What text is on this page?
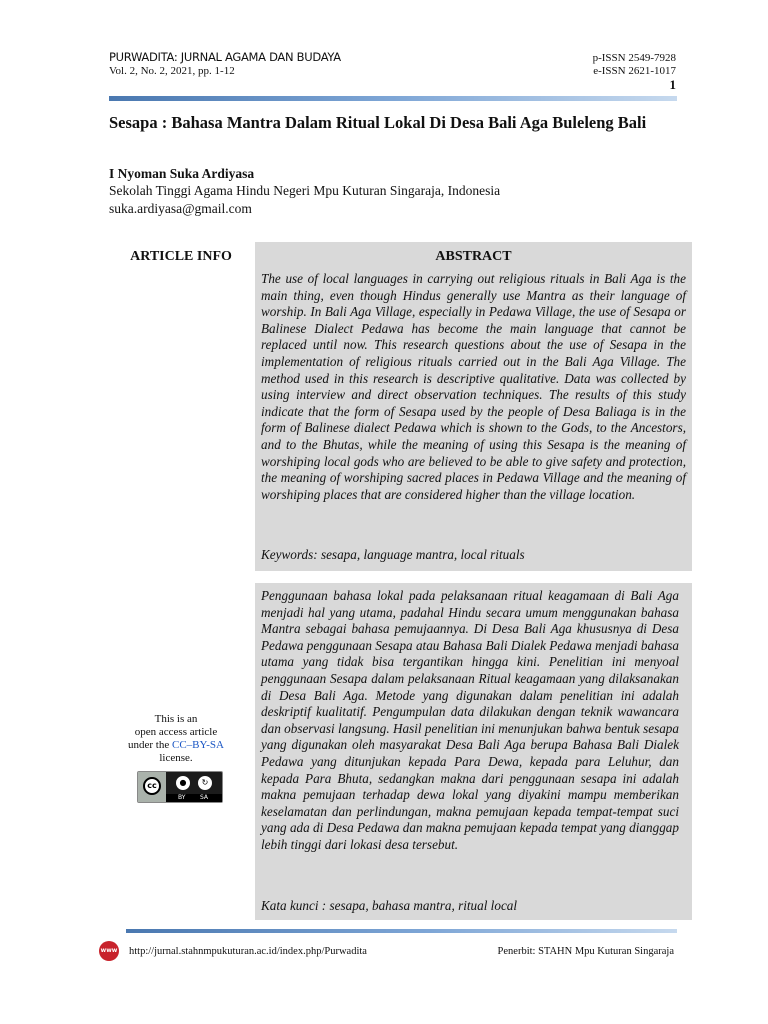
PURWADITA: JURNAL AGAMA DAN BUDAYA
Vol. 2, No. 2, 2021, pp. 1-12
p-ISSN 2549-7928
e-ISSN 2621-1017
1
Sesapa : Bahasa Mantra Dalam Ritual Lokal Di Desa Bali Aga Buleleng Bali
I Nyoman Suka Ardiyasa
Sekolah Tinggi Agama Hindu Negeri Mpu Kuturan Singaraja, Indonesia
suka.ardiyasa@gmail.com
ARTICLE INFO	ABSTRACT
The use of local languages in carrying out religious rituals in Bali Aga is the main thing, even though Hindus generally use Mantra as their language of worship. In Bali Aga Village, especially in Pedawa Village, the use of Sesapa or Balinese Dialect Pedawa has become the main language that cannot be replaced until now. This research questions about the use of Sesapa in the implementation of religious rituals carried out in the Bali Aga Village. The method used in this research is descriptive qualitative. Data was collected by using interview and direct observation techniques. The results of this study indicate that the form of Sesapa used by the people of Desa Baliaga is in the form of Balinese dialect Pedawa which is shown to the Gods, to the Ancestors, and to the Bhutas, while the meaning of using this Sesapa is the meaning of worshiping local gods who are believed to be able to give safety and protection, the meaning of worshiping sacred places in Pedawa Village and the meaning of worshiping places that are considered higher than the village location.
Keywords: sesapa, language mantra, local rituals
Penggunaan bahasa lokal pada pelaksanaan ritual keagamaan di Bali Aga menjadi hal yang utama, padahal Hindu secara umum menggunakan bahasa Mantra sebagai bahasa pemujaannya. Di Desa Bali Aga khususnya di Desa Pedawa penggunaan Sesapa atau Bahasa Bali Dialek Pedawa menjadi bahasa utama yang tidak bisa tergantikan hingga kini. Penelitian ini menyoal penggunaan Sesapa dalam pelaksanaan Ritual keagamaan yang dilaksanakan di Desa Bali Aga. Metode yang digunakan dalam penelitian ini adalah deskriptif kualitatif. Pengumpulan data dilakukan dengan teknik wawancara dan observasi langsung. Hasil penelitian ini menunjukan bahwa bentuk sesapa yang digunakan oleh masyarakat Desa Bali Aga berupa Bahasa Bali Dialek Pedawa yang ditunjukan kepada Para Dewa, kepada para Leluhur, dan kepada Para Bhuta, sedangkan makna dari penggunaan sesapa ini adalah makna pemujaan terhadap dewa lokal yang diyakini mampu memberikan keselamatan dan perlindungan, makna pemujaan kepada tempat-tempat suci yang ada di Desa Pedawa dan makna pemujaan kepada tempat yang dianggap lebih tinggi dari lokasi desa tersebut.
Kata kunci : sesapa, bahasa mantra, ritual local
This is an
open access article
under the CC–BY-SA
license.
cc	●	↻
BY SA
www http://jurnal.stahnmpukuturan.ac.id/index.php/Purwadita	Penerbit: STAHN Mpu Kuturan Singaraja
